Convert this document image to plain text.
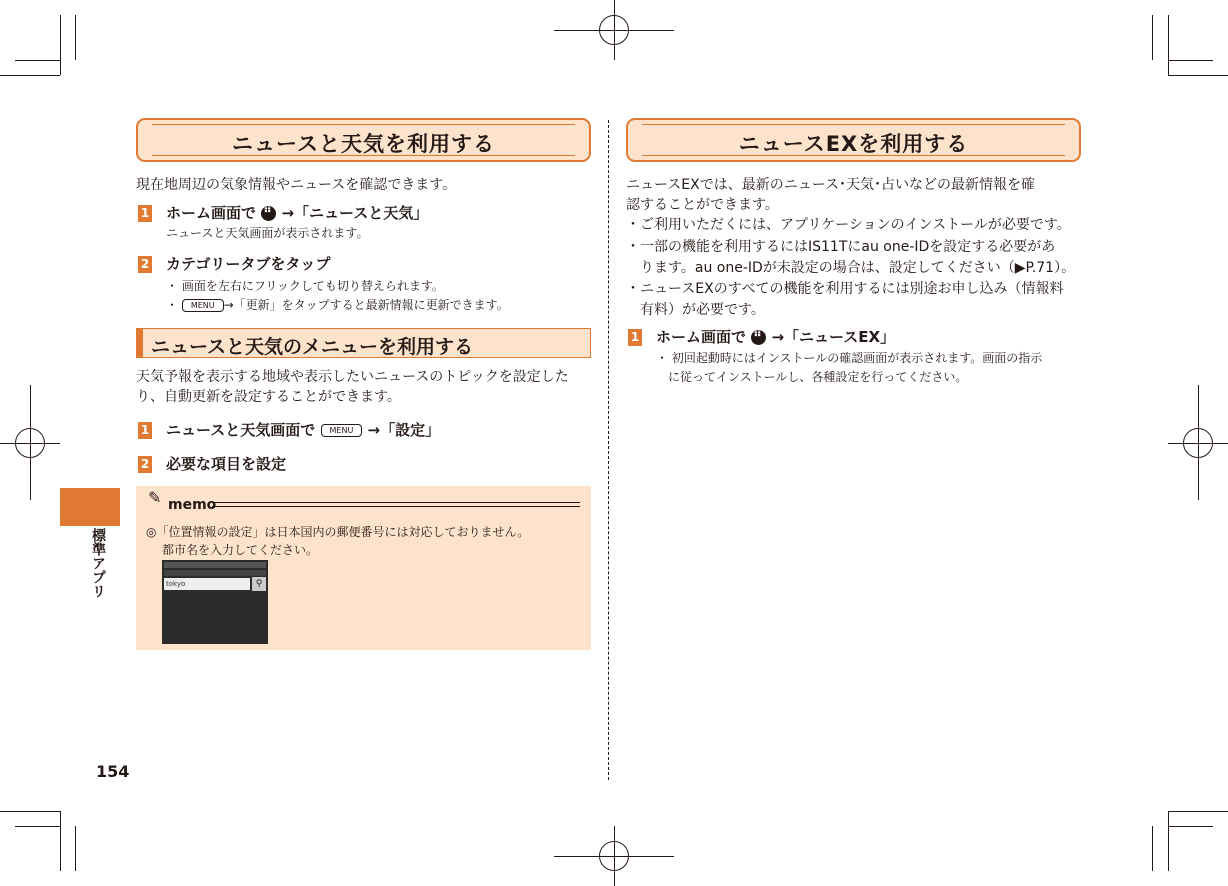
標準アプリ
154
ニュースと天気を利用する
現在地周辺の気象情報やニュースを確認できます。
1 ホーム画面で ⠿ →「ニュースと天気」
ニュースと天気画面が表示されます。
2 カテゴリータブをタップ
・ 画面を左右にフリックしても切り替えられます。
・ MENU →「更新」をタップすると最新情報に更新できます。
ニュースと天気のメニューを利用する
天気予報を表示する地域や表示したいニュースのトピックを設定した
り、自動更新を設定することができます。
1 ニュースと天気画面で MENU →「設定」
2 必要な項目を設定
✎ memo
◎「位置情報の設定」は日本国内の郵便番号には対応しておりません。
都市名を入力してください。
tokyo	⚲
ニュースEXを利用する
ニュースEXでは、最新のニュース･天気･占いなどの最新情報を確
認することができます。
・ご利用いただくには、アプリケーションのインストールが必要です。
・一部の機能を利用するにはIS11Tにau one-IDを設定する必要があ
ります。au one-IDが未設定の場合は、設定してください（▶P.71）。
・ニュースEXのすべての機能を利用するには別途お申し込み（情報料
有料）が必要です。
1 ホーム画面で ⠿ →「ニュースEX」
・ 初回起動時にはインストールの確認画面が表示されます。画面の指示
に従ってインストールし、各種設定を行ってください。
